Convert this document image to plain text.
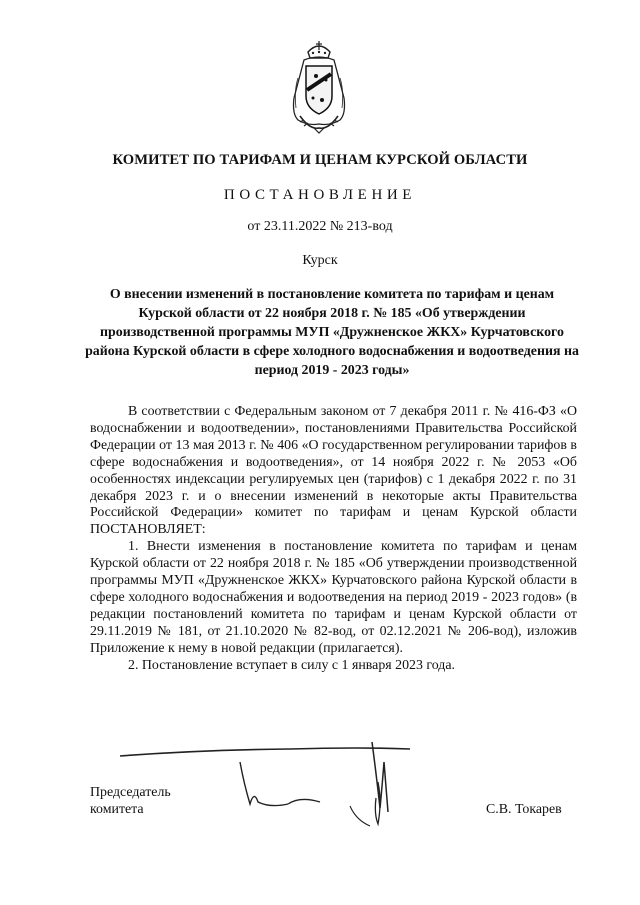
КОМИТЕТ ПО ТАРИФАМ И ЦЕНАМ КУРСКОЙ ОБЛАСТИ
ПОСТАНОВЛЕНИЕ
от 23.11.2022 № 213-вод
Курск
О внесении изменений в постановление комитета по тарифам и ценам Курской области от 22 ноября 2018 г. № 185 «Об утверждении производственной программы МУП «Дружненское ЖКХ» Курчатовского района Курской области в сфере холодного водоснабжения и водоотведения на период 2019 - 2023 годы»

В соответствии с Федеральным законом от 7 декабря 2011 г. № 416-ФЗ «О водоснабжении и водоотведении», постановлениями Правительства Российской Федерации от 13 мая 2013 г. № 406 «О государственном регулировании тарифов в сфере водоснабжения и водоотведения», от 14 ноября 2022 г. № 2053 «Об особенностях индексации регулируемых цен (тарифов) с 1 декабря 2022 г. по 31 декабря 2023 г. и о внесении изменений в некоторые акты Правительства Российской Федерации» комитет по тарифам и ценам Курской области ПОСТАНОВЛЯЕТ:

1. Внести изменения в постановление комитета по тарифам и ценам Курской области от 22 ноября 2018 г. № 185 «Об утверждении производственной программы МУП «Дружненское ЖКХ» Курчатовского района Курской области в сфере холодного водоснабжения и водоотведения на период 2019 - 2023 годов» (в редакции постановлений комитета по тарифам и ценам Курской области от 29.11.2019 № 181, от 21.10.2020 № 82-вод, от 02.12.2021 № 206-вод), изложив Приложение к нему в новой редакции (прилагается).

2. Постановление вступает в силу с 1 января 2023 года.

Председатель
комитета	С.В. Токарев
